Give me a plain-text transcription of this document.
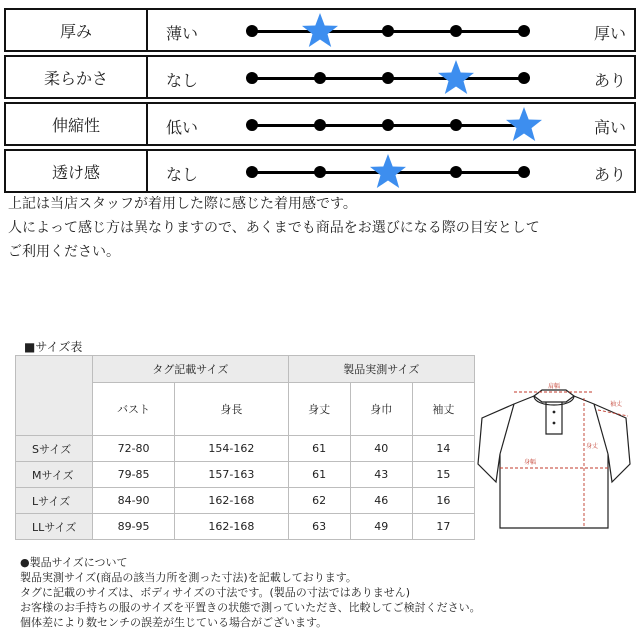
厚み	薄い 厚い

柔らかさ	なし あり

伸縮性	低い 高い

透け感	なし あり

上記は当店スタッフが着用した際に感じた着用感です。
人によって感じ方は異なりますので、あくまでも商品をお選びになる際の目安として
ご利用ください。

■サイズ表
	タグ記載サイズ		製品実測サイズ		
	バスト	身長	身丈	身巾	袖丈
Sサイズ	72-80	154-162	61	40	14
Mサイズ	79-85	157-163	61	43	15
Lサイズ	84-90	162-168	62	46	16
LLサイズ	89-95	162-168	63	49	17
肩幅
袖丈
身丈
身幅

●製品サイズについて
製品実測サイズ(商品の該当力所を測った寸法)を記載しております。
タグに記載のサイズは、ボディサイズの寸法です。(製品の寸法ではありません)
お客様のお手持ちの服のサイズを平置きの状態で測っていただき、比較してご検討ください。
個体差により数センチの誤差が生じている場合がございます。
